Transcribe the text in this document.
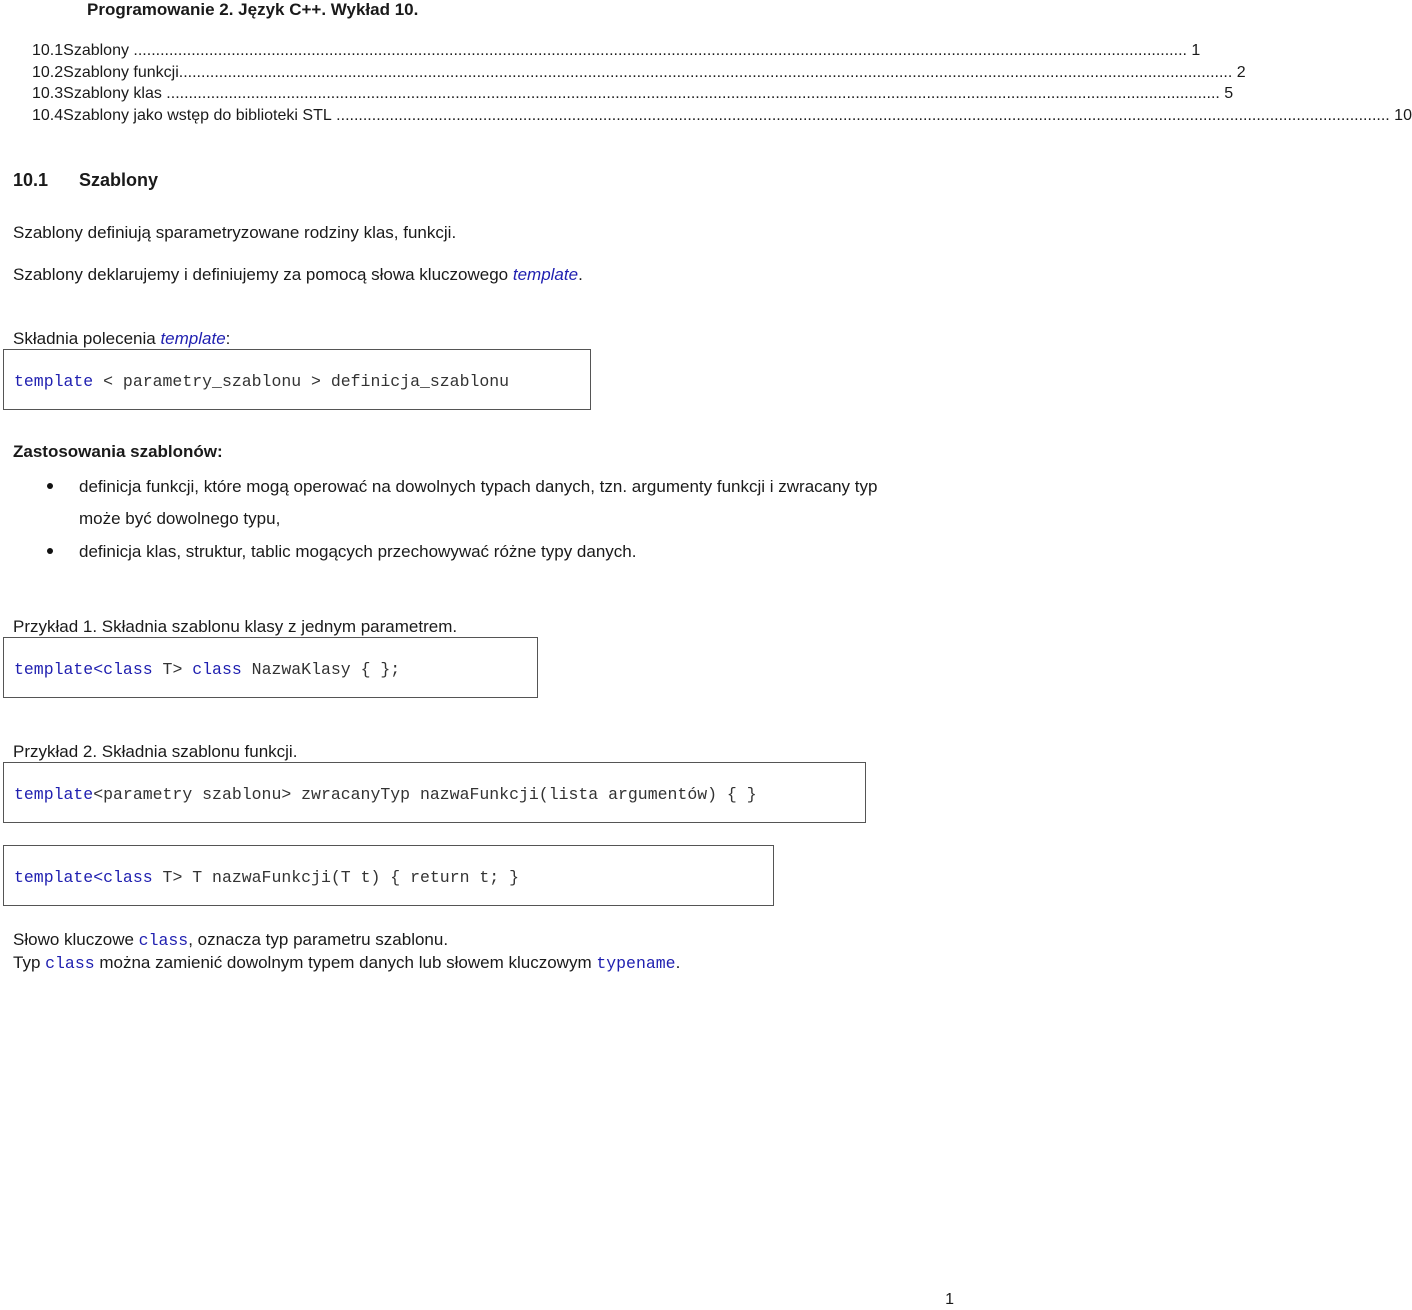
Programowanie 2. Język C++. Wykład 10.
10.1 Szablony ............................................................................................................................................................................................................................................. 1
10.2 Szablony funkcji ............................................................................................................................................................................................................................................. 2
10.3 Szablony klas ............................................................................................................................................................................................................................................. 5
10.4 Szablony jako wstęp do biblioteki STL ............................................................................................................................................................................................................................................. 10
10.1 Szablony
Szablony definiują sparametryzowane rodziny klas, funkcji.
Szablony deklarujemy i definiujemy za pomocą słowa kluczowego template.
Składnia polecenia template:
template < parametry_szablonu > definicja_szablonu
Zastosowania szablonów:
definicja funkcji, które mogą operować na dowolnych typach danych, tzn. argumenty funkcji i zwracany typ
może być dowolnego typu,
definicja klas, struktur, tablic mogących przechowywać różne typy danych.
Przykład 1. Składnia szablonu klasy z jednym parametrem.
template<class T> class NazwaKlasy { };
Przykład 2. Składnia szablonu funkcji.
template<parametry szablonu> zwracanyTyp nazwaFunkcji(lista argumentów) { }
template<class T> T nazwaFunkcji(T t) { return t; }
Słowo kluczowe class, oznacza typ parametru szablonu.
Typ class można zamienić dowolnym typem danych lub słowem kluczowym typename.
1
